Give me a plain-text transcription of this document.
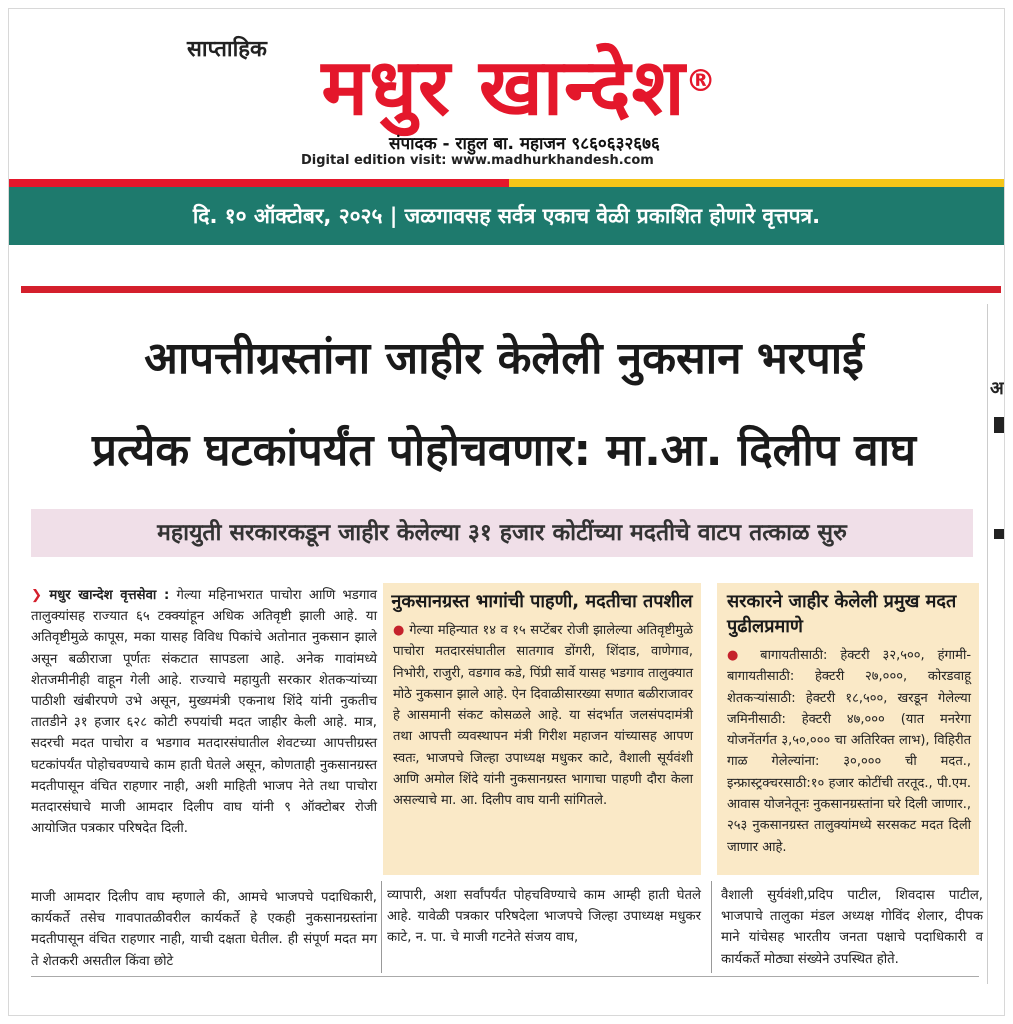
साप्ताहिक मधुर खान्देश®
संपादक - राहुल बा. महाजन ९८६०६३२६७६
Digital edition visit: www.madhurkhandesh.com
दि. १० ऑक्टोबर, २०२५ | जळगावसह सर्वत्र एकाच वेळी प्रकाशित होणारे वृत्तपत्र.
अ
आपत्तीग्रस्तांना जाहीर केलेली नुकसान भरपाई
प्रत्येक घटकांपर्यंत पोहोचवणार: मा.आ. दिलीप वाघ
महायुती सरकारकडून जाहीर केलेल्या ३१ हजार कोटींच्या मदतीचे वाटप तत्काळ सुरु
❯ मधुर खान्देश वृत्तसेवा : गेल्या महिनाभरात पाचोरा आणि भडगाव तालुक्यांसह राज्यात ६५ टक्क्यांहून अधिक अतिवृष्टी झाली आहे. या अतिवृष्टीमुळे कापूस, मका यासह विविध पिकांचे अतोनात नुकसान झाले असून बळीराजा पूर्णतः संकटात सापडला आहे. अनेक गावांमध्ये शेतजमीनीही वाहून गेली आहे. राज्याचे महायुती सरकार शेतकऱ्यांच्या पाठीशी खंबीरपणे उभे असून, मुख्यमंत्री एकनाथ शिंदे यांनी नुकतीच तातडीने ३१ हजार ६२८ कोटी रुपयांची मदत जाहीर केली आहे. मात्र, सदरची मदत पाचोरा व भडगाव मतदारसंघातील शेवटच्या आपत्तीग्रस्त घटकांपर्यंत पोहोचवण्याचे काम हाती घेतले असून, कोणताही नुकसानग्रस्त मदतीपासून वंचित राहणार नाही, अशी माहिती भाजप नेते तथा पाचोरा मतदारसंघाचे माजी आमदार दिलीप वाघ यांनी ९ ऑक्टोबर रोजी आयोजित पत्रकार परिषदेत दिली.
माजी आमदार दिलीप वाघ म्हणाले की, आमचे भाजपचे पदाधिकारी, कार्यकर्ते तसेच गावपातळीवरील कार्यकर्ते हे एकही नुकसानग्रस्तांना मदतीपासून वंचित राहणार नाही, याची दक्षता घेतील. ही संपूर्ण मदत मग ते शेतकरी असतील किंवा छोटे
नुकसानग्रस्त भागांची पाहणी, मदतीचा तपशील
● गेल्या महिन्यात १४ व १५ सप्टेंबर रोजी झालेल्या अतिवृष्टीमुळे पाचोरा मतदारसंघातील सातगाव डोंगरी, शिंदाड, वाणेगाव, निभोरी, राजुरी, वडगाव कडे, पिंप्री सार्वे यासह भडगाव तालुक्यात मोठे नुकसान झाले आहे. ऐन दिवाळीसारख्या सणात बळीराजावर हे आसमानी संकट कोसळले आहे. या संदर्भात जलसंपदामंत्री तथा आपत्ती व्यवस्थापन मंत्री गिरीश महाजन यांच्यासह आपण स्वतः, भाजपचे जिल्हा उपाध्यक्ष मधुकर काटे, वैशाली सूर्यवंशी आणि अमोल शिंदे यांनी नुकसानग्रस्त भागाचा पाहणी दौरा केला असल्याचे मा. आ. दिलीप वाघ यानी सांगितले.
सरकारने जाहीर केलेली प्रमुख मदत पुढीलप्रमाणे
● बागायतीसाठी: हेक्टरी ३२,५००, हंगामी-बागायतीसाठी: हेक्टरी २७,०००, कोरडवाहू शेतकऱ्यांसाठी: हेक्टरी १८,५००, खरडून गेलेल्या जमिनीसाठी: हेक्टरी ४७,००० (यात मनरेगा योजनेंतर्गत ३,५०,००० चा अतिरिक्त लाभ), विहिरीत गाळ गेलेल्यांना: ३०,००० ची मदत., इन्फ्रास्ट्रक्चरसाठी:१० हजार कोटींची तरतूद., पी.एम. आवास योजनेतूनः नुकसानग्रस्तांना घरे दिली जाणार., २५३ नुकसानग्रस्त तालुक्यांमध्ये सरसकट मदत दिली जाणार आहे.
व्यापारी, अशा सर्वांपर्यंत पोहचविण्याचे काम आम्ही हाती घेतले आहे. यावेळी पत्रकार परिषदेला भाजपचे जिल्हा उपाध्यक्ष मधुकर काटे, न. पा. चे माजी गटनेते संजय वाघ,
वैशाली सुर्यवंशी,प्रदिप पाटील, शिवदास पाटील, भाजपाचे तालुका मंडल अध्यक्ष गोविंद शेलार, दीपक माने यांचेसह भारतीय जनता पक्षाचे पदाधिकारी व कार्यकर्ते मोठ्या संख्येने उपस्थित होते.
